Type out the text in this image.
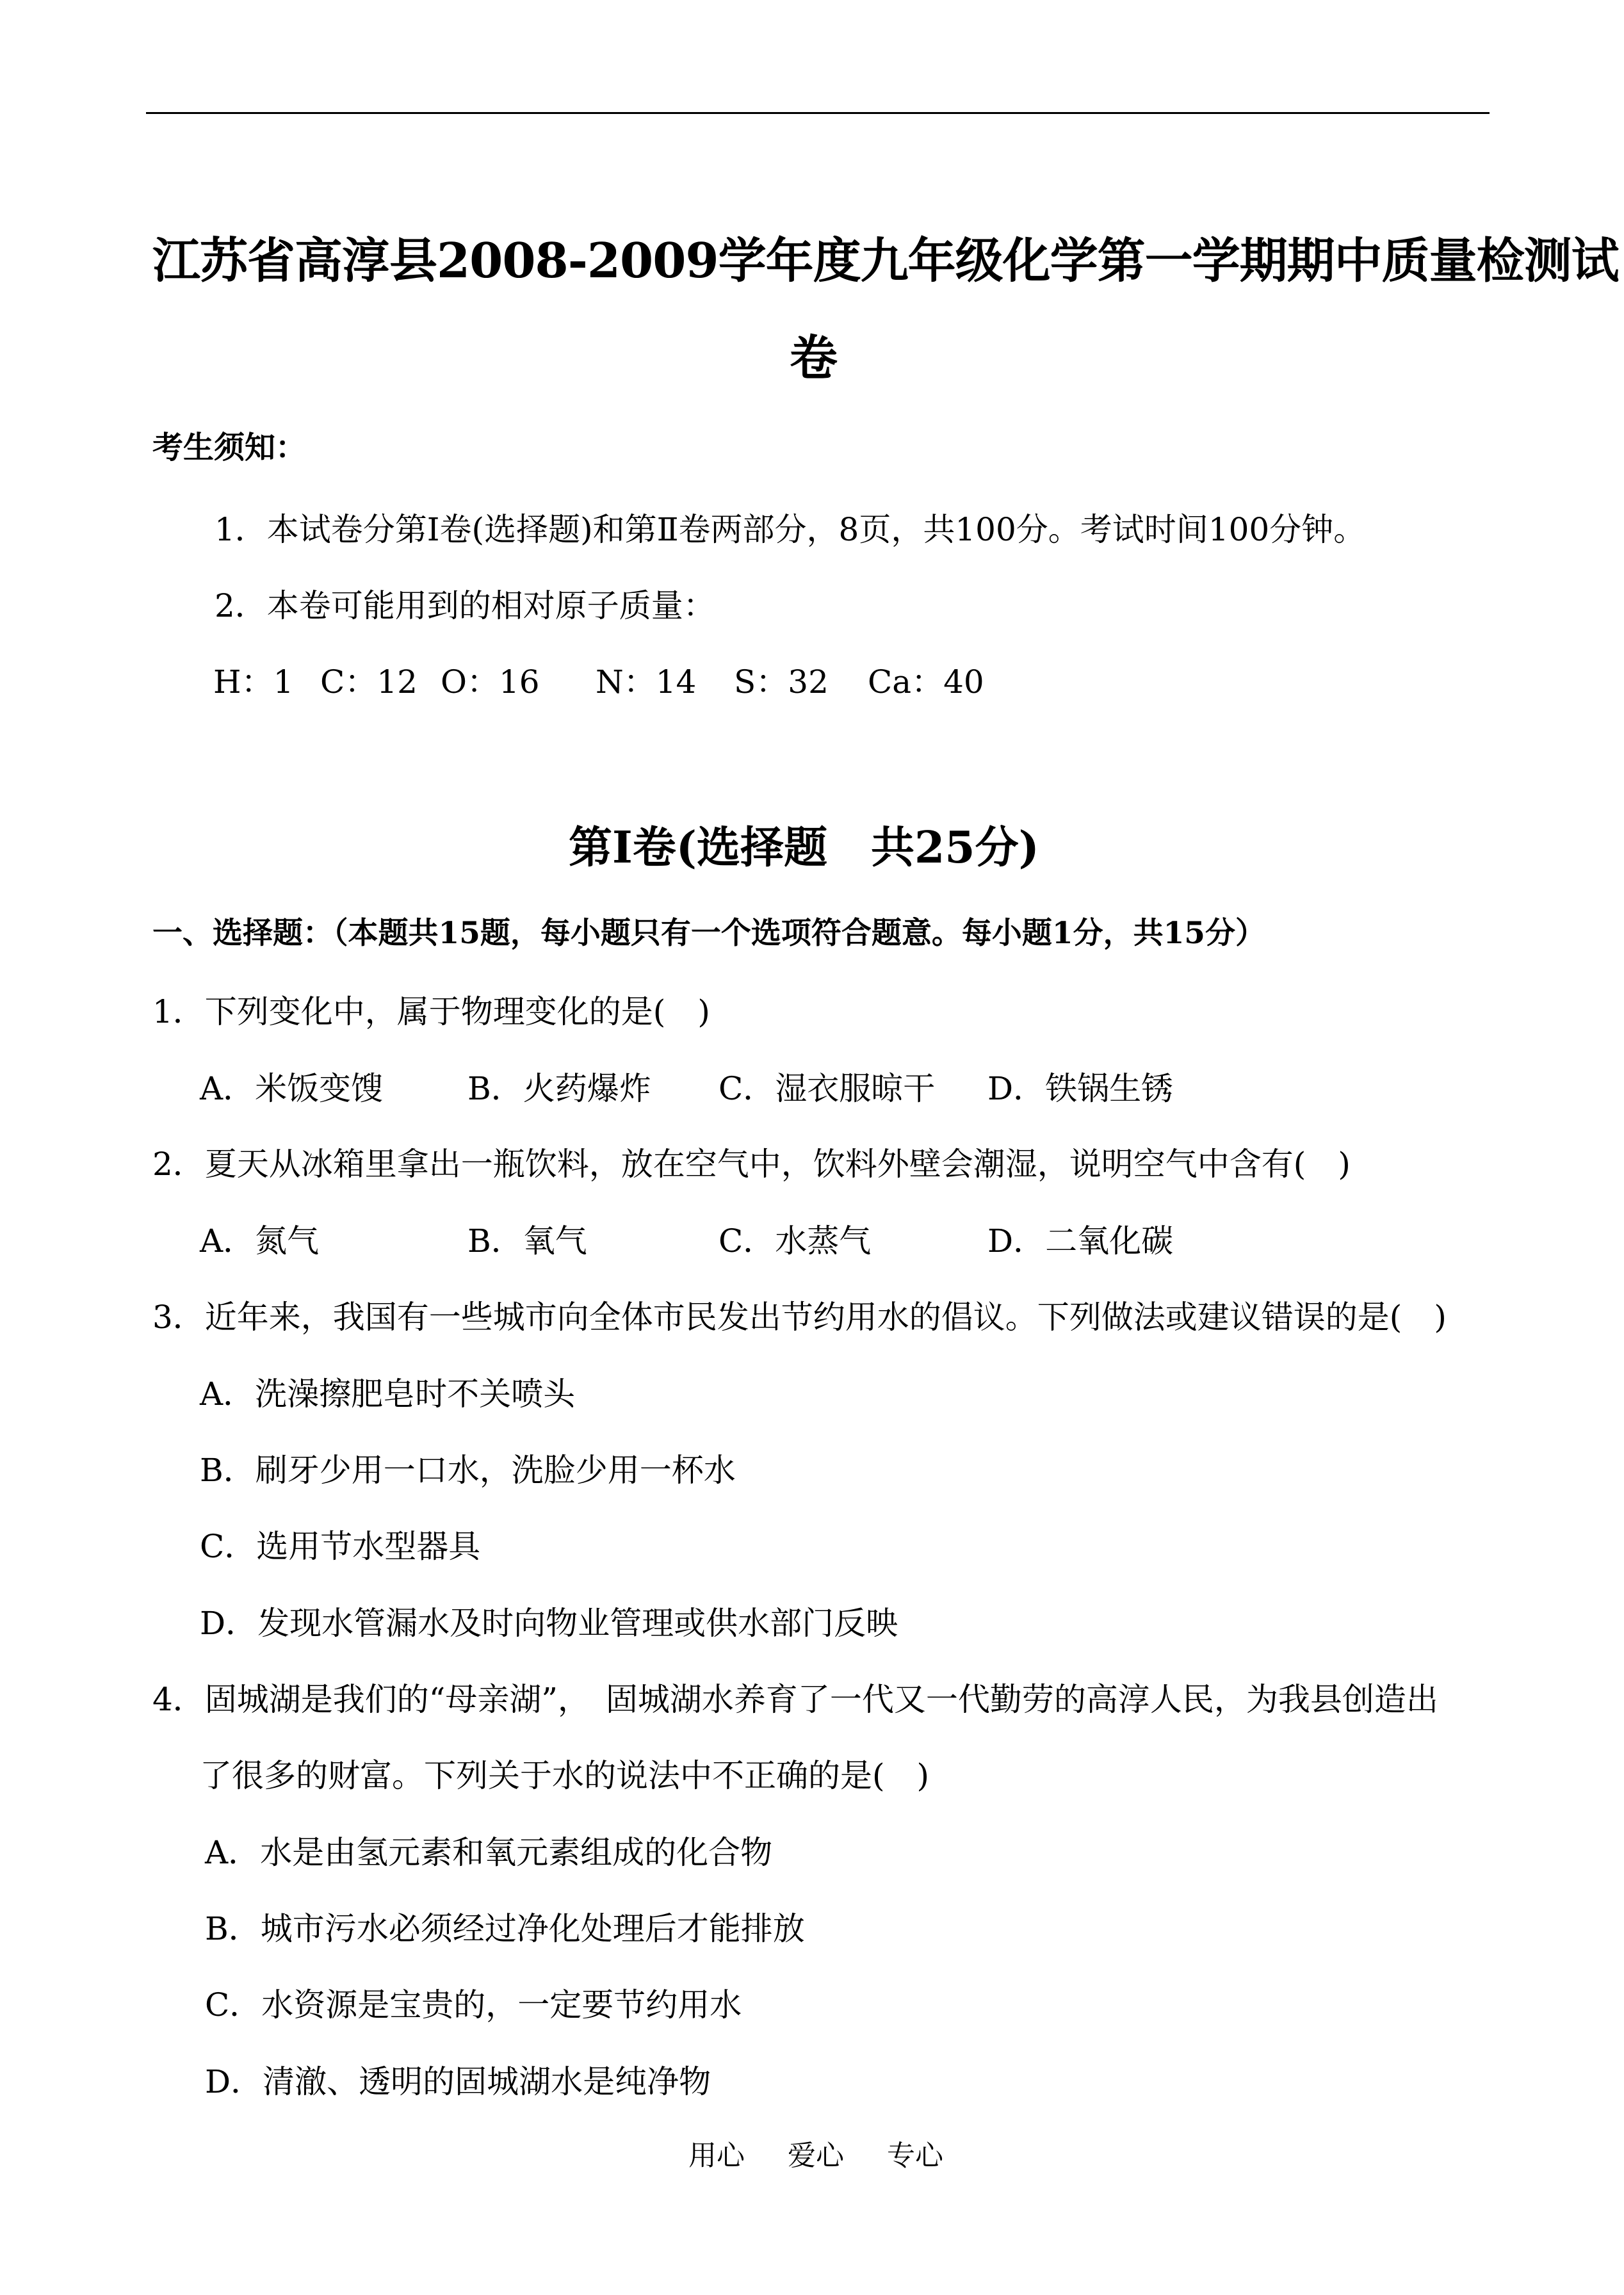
江苏省高淳县2008-2009学年度九年级化学第一学期期中质量检测试
卷
考生须知：
1．本试卷分第Ⅰ卷(选择题)和第Ⅱ卷两部分，8页，共100分。考试时间100分钟。
2．本卷可能用到的相对原子质量：
H：1 C：12 O：16 N：14 S：32 Ca：40
第Ⅰ卷(选择题　共25分)
一、选择题：（本题共15题，每小题只有一个选项符合题意。每小题1分，共15分）
1．下列变化中，属于物理变化的是(　)
A．米饭变馊	B．火药爆炸 C．湿衣服晾干 D．铁锅生锈
2．夏天从冰箱里拿出一瓶饮料，放在空气中，饮料外壁会潮湿，说明空气中含有(　)
A．氮气	B．氧气	C．水蒸气	D．二氧化碳
3．近年来，我国有一些城市向全体市民发出节约用水的倡议。下列做法或建议错误的是(　)
A．洗澡擦肥皂时不关喷头
B．刷牙少用一口水，洗脸少用一杯水
C．选用节水型器具
D．发现水管漏水及时向物业管理或供水部门反映
4．固城湖是我们的“母亲湖”，　固城湖水养育了一代又一代勤劳的高淳人民，为我县创造出
了很多的财富。下列关于水的说法中不正确的是(　)
A．水是由氢元素和氧元素组成的化合物
B．城市污水必须经过净化处理后才能排放
C．水资源是宝贵的，一定要节约用水
D．清澈、透明的固城湖水是纯净物
用心 爱心 专心
